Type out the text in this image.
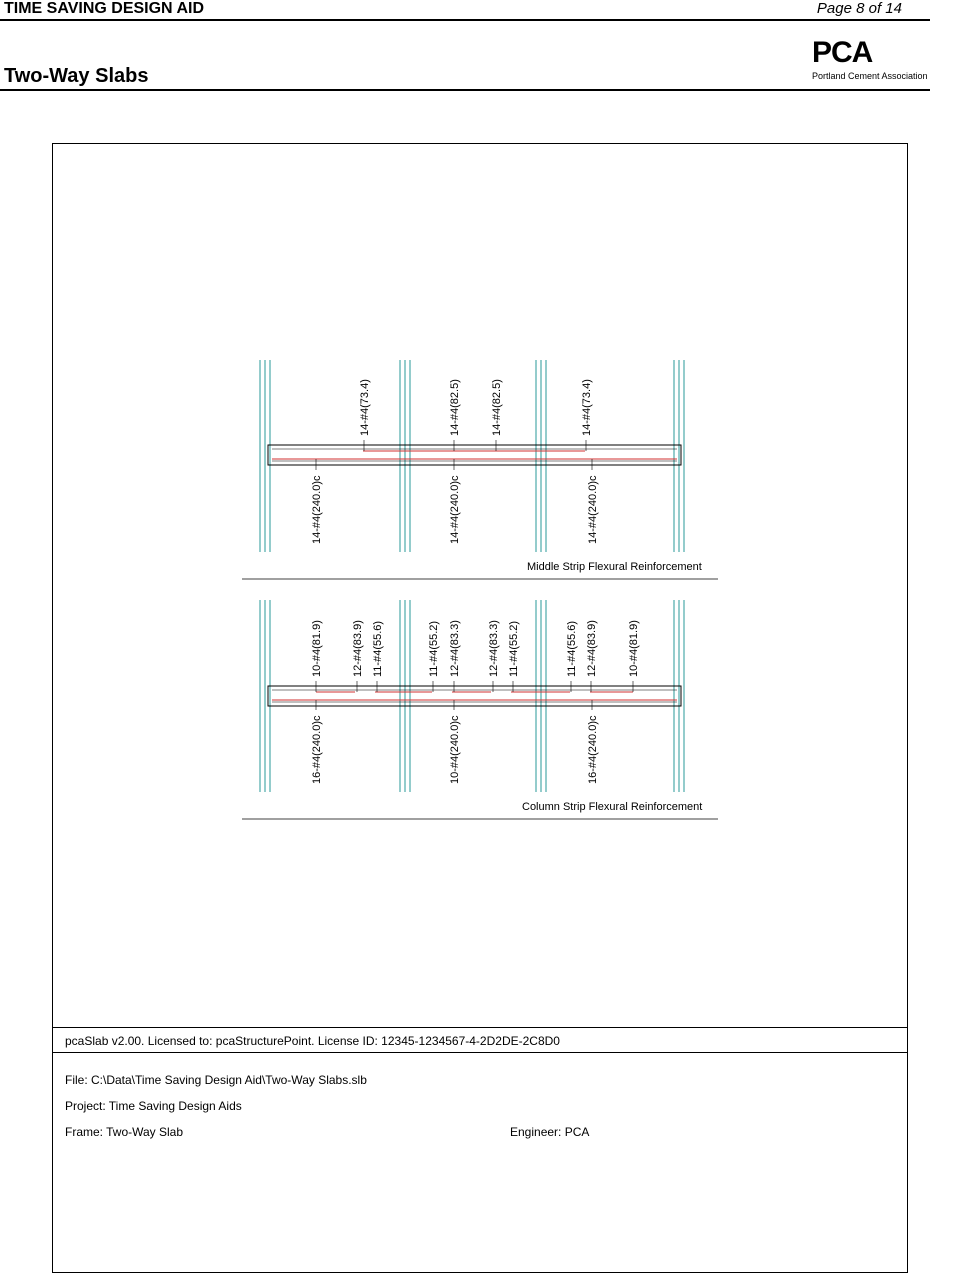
TIME SAVING DESIGN AID	Page 8 of 14
Two-Way Slabs
PCA
Portland Cement Association
pcaSlab v2.00. Licensed to: pcaStructurePoint. License ID: 12345-1234567-4-2D2DE-2C8D0
File: C:\Data\Time Saving Design Aid\Two-Way Slabs.slb
Project: Time Saving Design Aids
Frame: Two-Way Slab	Engineer: PCA
14-#4(73.4)	14-#4(82.5)	14-#4(82.5)	14-#4(73.4)
14-#4(240.0)c	14-#4(240.0)c	14-#4(240.0)c
10-#4(81.9)	12-#4(83.9) 11-#4(55.6)	11-#4(55.2) 12-#4(83.3) 12-#4(83.3) 11-#4(55.2)	11-#4(55.6) 12-#4(83.9)	10-#4(81.9)
16-#4(240.0)c	10-#4(240.0)c	16-#4(240.0)c
Middle Strip Flexural Reinforcement
Column Strip Flexural Reinforcement
